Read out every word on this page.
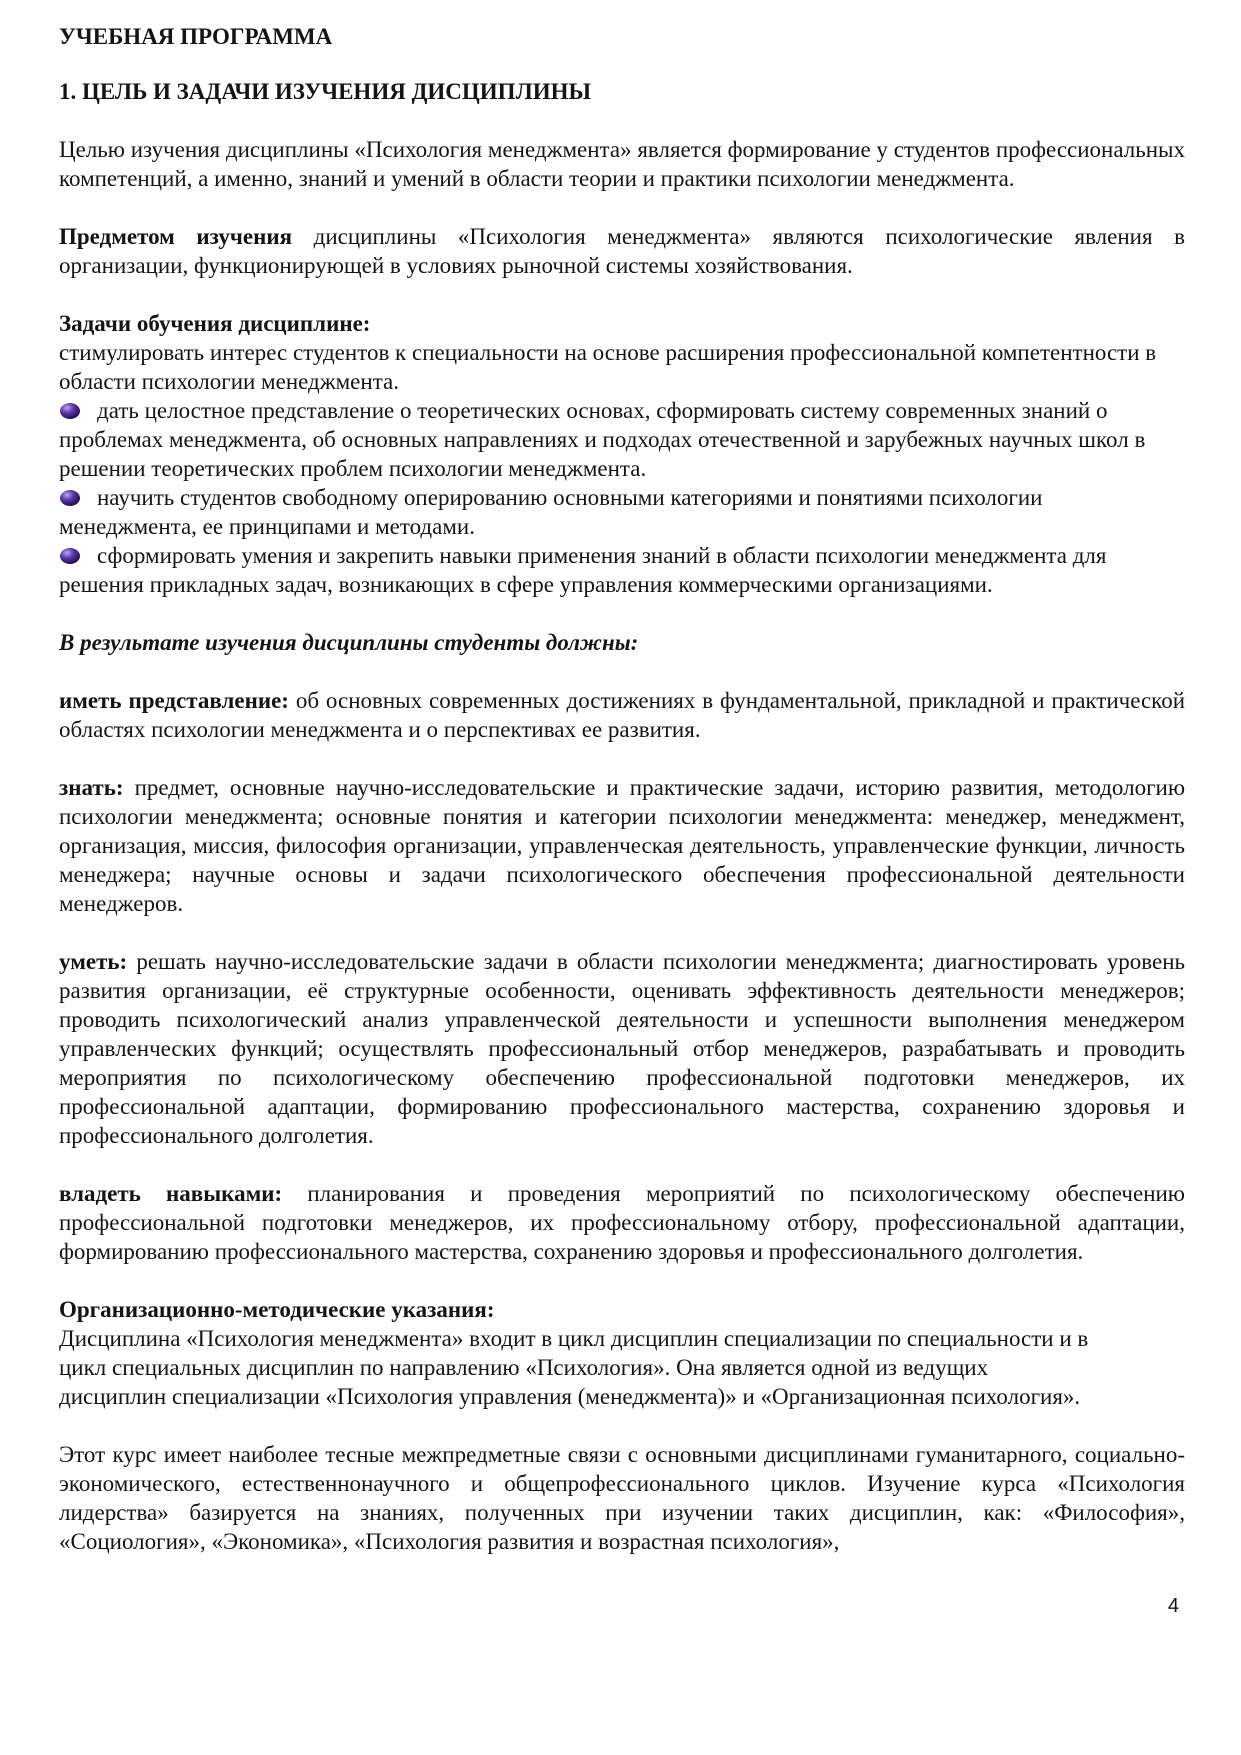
УЧЕБНАЯ ПРОГРАММА
1. ЦЕЛЬ И ЗАДАЧИ ИЗУЧЕНИЯ ДИСЦИПЛИНЫ

Целью изучения дисциплины «Психология менеджмента» является формирование у студентов профессиональных компетенций, а именно, знаний и умений в области теории и практики психологии менеджмента.

Предметом изучения дисциплины «Психология менеджмента» являются психологические явления в организации, функционирующей в условиях рыночной системы хозяйствования.

Задачи обучения дисциплине:

стимулировать интерес студентов к специальности на основе расширения профессиональной компетентности в области психологии менеджмента.

дать целостное представление о теоретических основах, сформировать систему современных знаний о проблемах менеджмента, об основных направлениях и подходах отечественной и зарубежных научных школ в решении теоретических проблем психологии менеджмента.

научить студентов свободному оперированию основными категориями и понятиями психологии менеджмента, ее принципами и методами.

сформировать умения и закрепить навыки применения знаний в области психологии менеджмента для решения прикладных задач, возникающих в сфере управления коммерческими организациями.

В результате изучения дисциплины студенты должны:

иметь представление: об основных современных достижениях в фундаментальной, прикладной и практической областях психологии менеджмента и о перспективах ее развития.

знать: предмет, основные научно-исследовательские и практические задачи, историю развития, методологию психологии менеджмента; основные понятия и категории психологии менеджмента: менеджер, менеджмент, организация, миссия, философия организации, управленческая деятельность, управленческие функции, личность менеджера; научные основы и задачи психологического обеспечения профессиональной деятельности менеджеров.

уметь: решать научно-исследовательские задачи в области психологии менеджмента; диагностировать уровень развития организации, её структурные особенности, оценивать эффективность деятельности менеджеров; проводить психологический анализ управленческой деятельности и успешности выполнения менеджером управленческих функций; осуществлять профессиональный отбор менеджеров, разрабатывать и проводить мероприятия по психологическому обеспечению профессиональной подготовки менеджеров, их профессиональной адаптации, формированию профессионального мастерства, сохранению здоровья и профессионального долголетия.

владеть навыками: планирования и проведения мероприятий по психологическому обеспечению профессиональной подготовки менеджеров, их профессиональному отбору, профессиональной адаптации, формированию профессионального мастерства, сохранению здоровья и профессионального долголетия.

Организационно-методические указания:

Дисциплина «Психология менеджмента» входит в цикл дисциплин специализации по специальности и в

цикл специальных дисциплин по направлению «Психология». Она является одной из ведущих

дисциплин специализации «Психология управления (менеджмента)» и «Организационная психология».

Этот курс имеет наиболее тесные межпредметные связи с основными дисциплинами гуманитарного, социально-экономического, естественнонаучного и общепрофессионального циклов. Изучение курса «Психология лидерства» базируется на знаниях, полученных при изучении таких дисциплин, как: «Философия», «Социология», «Экономика», «Психология развития и возрастная психология»,

4
